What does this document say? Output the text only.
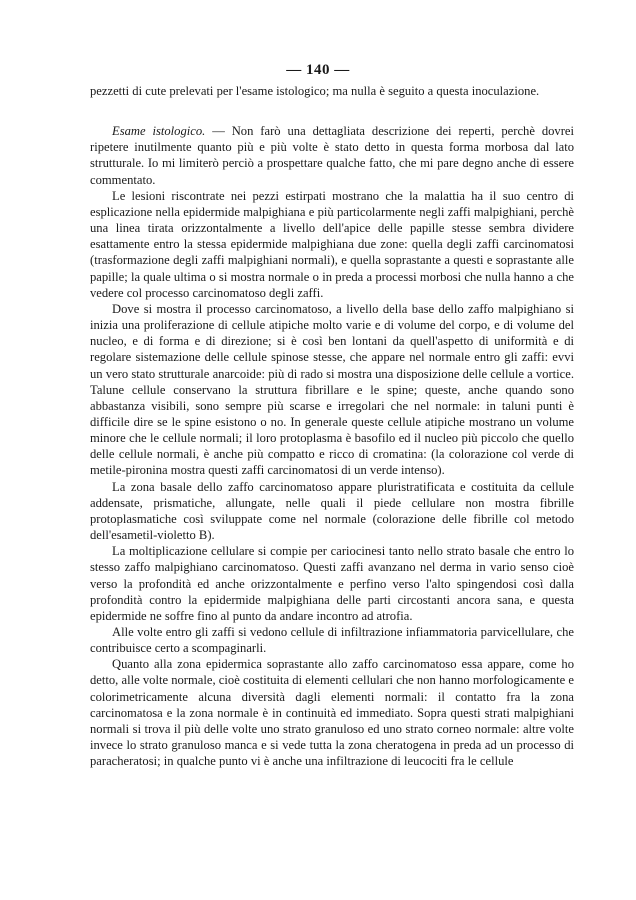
— 140 —

pezzetti di cute prelevati per l'esame istologico; ma nulla è seguito a questa inoculazione.

Esame istologico. — Non farò una dettagliata descrizione dei reperti, perchè dovrei ripetere inutilmente quanto più e più volte è stato detto in questa forma morbosa dal lato strutturale. Io mi limiterò perciò a prospettare qualche fatto, che mi pare degno anche di essere commentato.

Le lesioni riscontrate nei pezzi estirpati mostrano che la malattia ha il suo centro di esplicazione nella epidermide malpighiana e più particolarmente negli zaffi malpighiani, perchè una linea tirata orizzontalmente a livello dell'apice delle papille stesse sembra dividere esattamente entro la stessa epidermide malpighiana due zone: quella degli zaffi carcinomatosi (trasformazione degli zaffi malpighiani normali), e quella soprastante a questi e soprastante alle papille; la quale ultima o si mostra normale o in preda a processi morbosi che nulla hanno a che vedere col processo carcinomatoso degli zaffi.

Dove si mostra il processo carcinomatoso, a livello della base dello zaffo malpighiano si inizia una proliferazione di cellule atipiche molto varie e di volume del corpo, e di volume del nucleo, e di forma e di direzione; si è così ben lontani da quell'aspetto di uniformità e di regolare sistemazione delle cellule spinose stesse, che appare nel normale entro gli zaffi: evvi un vero stato strutturale anarcoide: più di rado si mostra una disposizione delle cellule a vortice. Talune cellule conservano la struttura fibrillare e le spine; queste, anche quando sono abbastanza visibili, sono sempre più scarse e irregolari che nel normale: in taluni punti è difficile dire se le spine esistono o no. In generale queste cellule atipiche mostrano un volume minore che le cellule normali; il loro protoplasma è basofilo ed il nucleo più piccolo che quello delle cellule normali, è anche più compatto e ricco di cromatina: (la colorazione col verde di metile-pironina mostra questi zaffi carcinomatosi di un verde intenso).

La zona basale dello zaffo carcinomatoso appare pluristratificata e costituita da cellule addensate, prismatiche, allungate, nelle quali il piede cellulare non mostra fibrille protoplasmatiche così sviluppate come nel normale (colorazione delle fibrille col metodo dell'esametil-violetto B).

La moltiplicazione cellulare si compie per cariocinesi tanto nello strato basale che entro lo stesso zaffo malpighiano carcinomatoso. Questi zaffi avanzano nel derma in vario senso cioè verso la profondità ed anche orizzontalmente e perfino verso l'alto spingendosi così dalla profondità contro la epidermide malpighiana delle parti circostanti ancora sana, e questa epidermide ne soffre fino al punto da andare incontro ad atrofia.

Alle volte entro gli zaffi si vedono cellule di infiltrazione infiammatoria parvicellulare, che contribuisce certo a scompaginarli.

Quanto alla zona epidermica soprastante allo zaffo carcinomatoso essa appare, come ho detto, alle volte normale, cioè costituita di elementi cellulari che non hanno morfologicamente e colorimetricamente alcuna diversità dagli elementi normali: il contatto fra la zona carcinomatosa e la zona normale è in continuità ed immediato. Sopra questi strati malpighiani normali si trova il più delle volte uno strato granuloso ed uno strato corneo normale: altre volte invece lo strato granuloso manca e si vede tutta la zona cheratogena in preda ad un processo di paracheratosi; in qualche punto vi è anche una infiltrazione di leucociti fra le cellule
